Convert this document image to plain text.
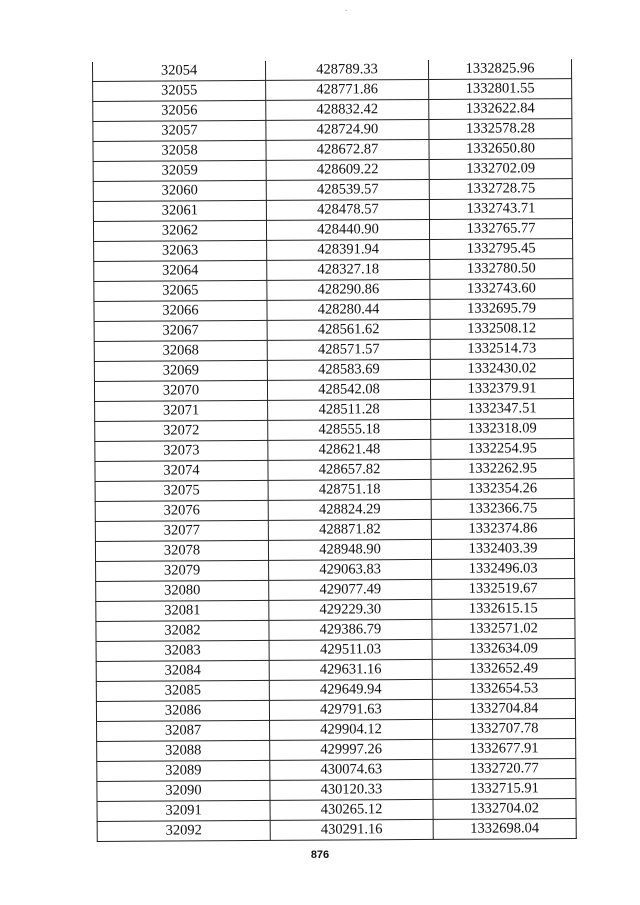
-
32054	428789.33	1332825.96
32055	428771.86	1332801.55
32056	428832.42	1332622.84
32057	428724.90	1332578.28
32058	428672.87	1332650.80
32059	428609.22	1332702.09
32060	428539.57	1332728.75
32061	428478.57	1332743.71
32062	428440.90	1332765.77
32063	428391.94	1332795.45
32064	428327.18	1332780.50
32065	428290.86	1332743.60
32066	428280.44	1332695.79
32067	428561.62	1332508.12
32068	428571.57	1332514.73
32069	428583.69	1332430.02
32070	428542.08	1332379.91
32071	428511.28	1332347.51
32072	428555.18	1332318.09
32073	428621.48	1332254.95
32074	428657.82	1332262.95
32075	428751.18	1332354.26
32076	428824.29	1332366.75
32077	428871.82	1332374.86
32078	428948.90	1332403.39
32079	429063.83	1332496.03
32080	429077.49	1332519.67
32081	429229.30	1332615.15
32082	429386.79	1332571.02
32083	429511.03	1332634.09
32084	429631.16	1332652.49
32085	429649.94	1332654.53
32086	429791.63	1332704.84
32087	429904.12	1332707.78
32088	429997.26	1332677.91
32089	430074.63	1332720.77
32090	430120.33	1332715.91
32091	430265.12	1332704.02
32092	430291.16	1332698.04
876
